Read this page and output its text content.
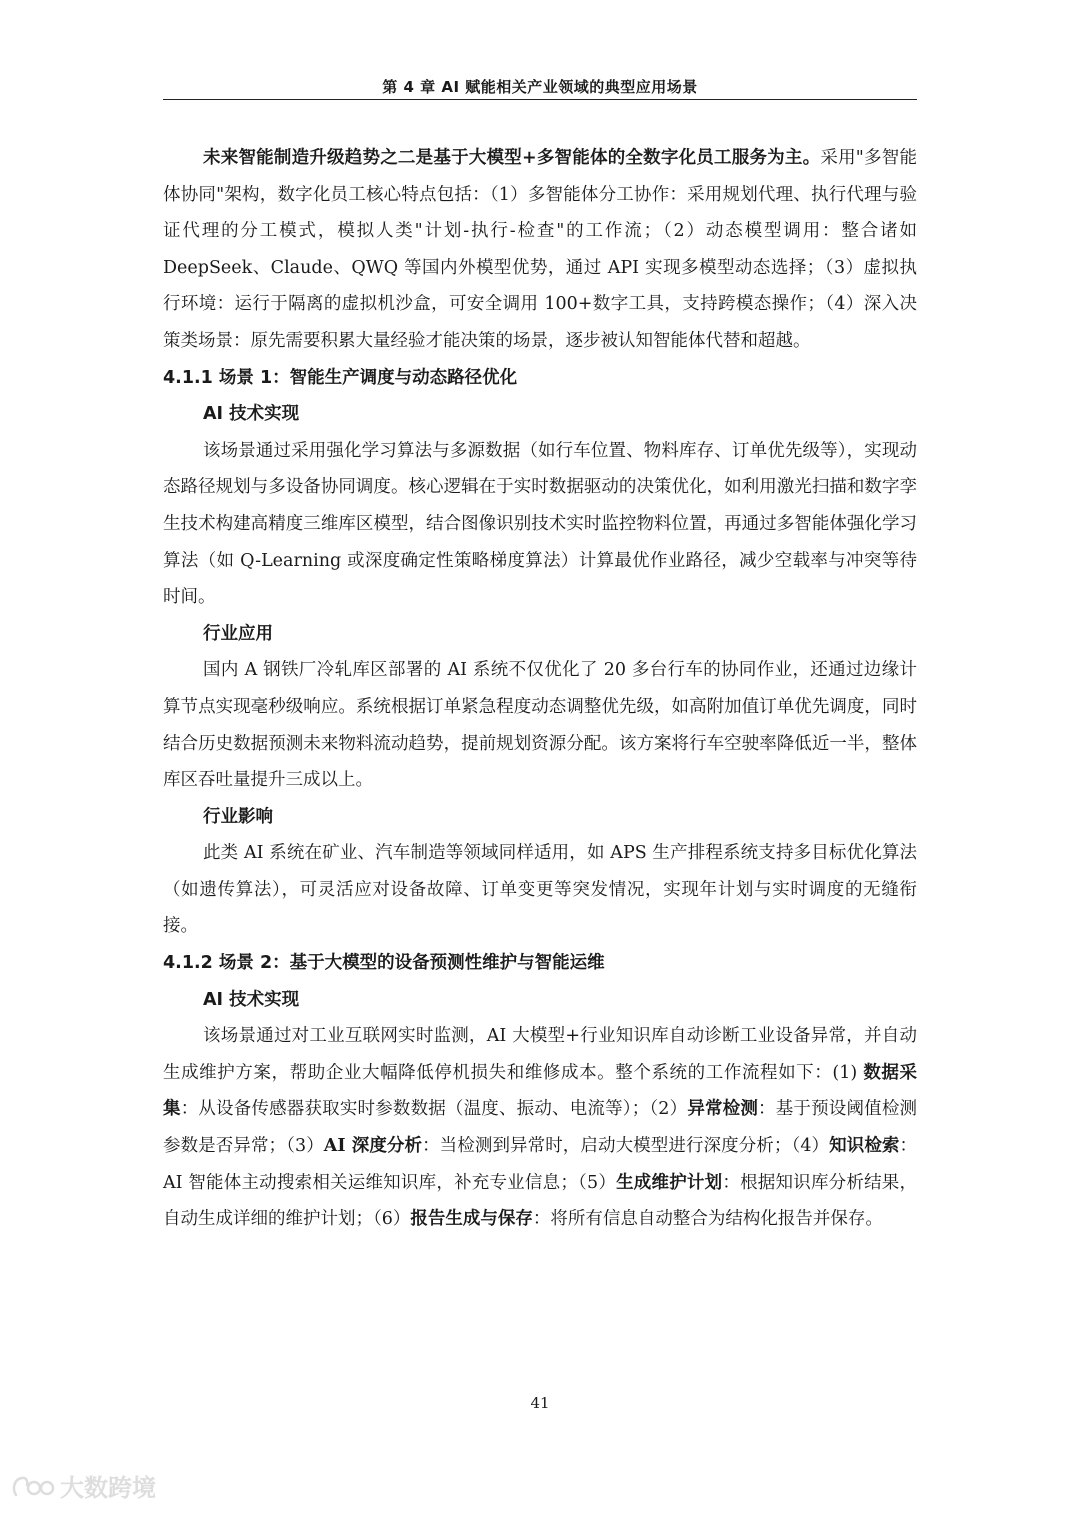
第 4 章 AI 赋能相关产业领域的典型应用场景

未来智能制造升级趋势之二是基于大模型+多智能体的全数字化员工服务为主。采用"多智能体协同"架构，数字化员工核心特点包括：（1）多智能体分工协作：采用规划代理、执行代理与验证代理的分工模式，模拟人类"计划-执行-检查"的工作流；（2）动态模型调用：整合诸如 DeepSeek、Claude、QWQ 等国内外模型优势，通过 API 实现多模型动态选择；（3）虚拟执行环境：运行于隔离的虚拟机沙盒，可安全调用 100+数字工具，支持跨模态操作；（4）深入决策类场景：原先需要积累大量经验才能决策的场景，逐步被认知智能体代替和超越。

4.1.1 场景 1：智能生产调度与动态路径优化

AI 技术实现

该场景通过采用强化学习算法与多源数据（如行车位置、物料库存、订单优先级等），实现动态路径规划与多设备协同调度。核心逻辑在于实时数据驱动的决策优化，如利用激光扫描和数字孪生技术构建高精度三维库区模型，结合图像识别技术实时监控物料位置，再通过多智能体强化学习算法（如 Q-Learning 或深度确定性策略梯度算法）计算最优作业路径，减少空载率与冲突等待时间。

行业应用

国内 A 钢铁厂冷轧库区部署的 AI 系统不仅优化了 20 多台行车的协同作业，还通过边缘计算节点实现毫秒级响应。系统根据订单紧急程度动态调整优先级，如高附加值订单优先调度，同时结合历史数据预测未来物料流动趋势，提前规划资源分配。该方案将行车空驶率降低近一半，整体库区吞吐量提升三成以上。

行业影响

此类 AI 系统在矿业、汽车制造等领域同样适用，如 APS 生产排程系统支持多目标优化算法（如遗传算法），可灵活应对设备故障、订单变更等突发情况，实现年计划与实时调度的无缝衔接。

4.1.2 场景 2：基于大模型的设备预测性维护与智能运维

AI 技术实现

该场景通过对工业互联网实时监测，AI 大模型+行业知识库自动诊断工业设备异常，并自动生成维护方案，帮助企业大幅降低停机损失和维修成本。整个系统的工作流程如下：(1) 数据采集：从设备传感器获取实时参数数据（温度、振动、电流等）；（2）异常检测：基于预设阈值检测参数是否异常；（3）AI 深度分析：当检测到异常时，启动大模型进行深度分析；（4）知识检索：AI 智能体主动搜索相关运维知识库，补充专业信息；（5）生成维护计划：根据知识库分析结果，自动生成详细的维护计划；（6）报告生成与保存：将所有信息自动整合为结构化报告并保存。

41
大数跨境
